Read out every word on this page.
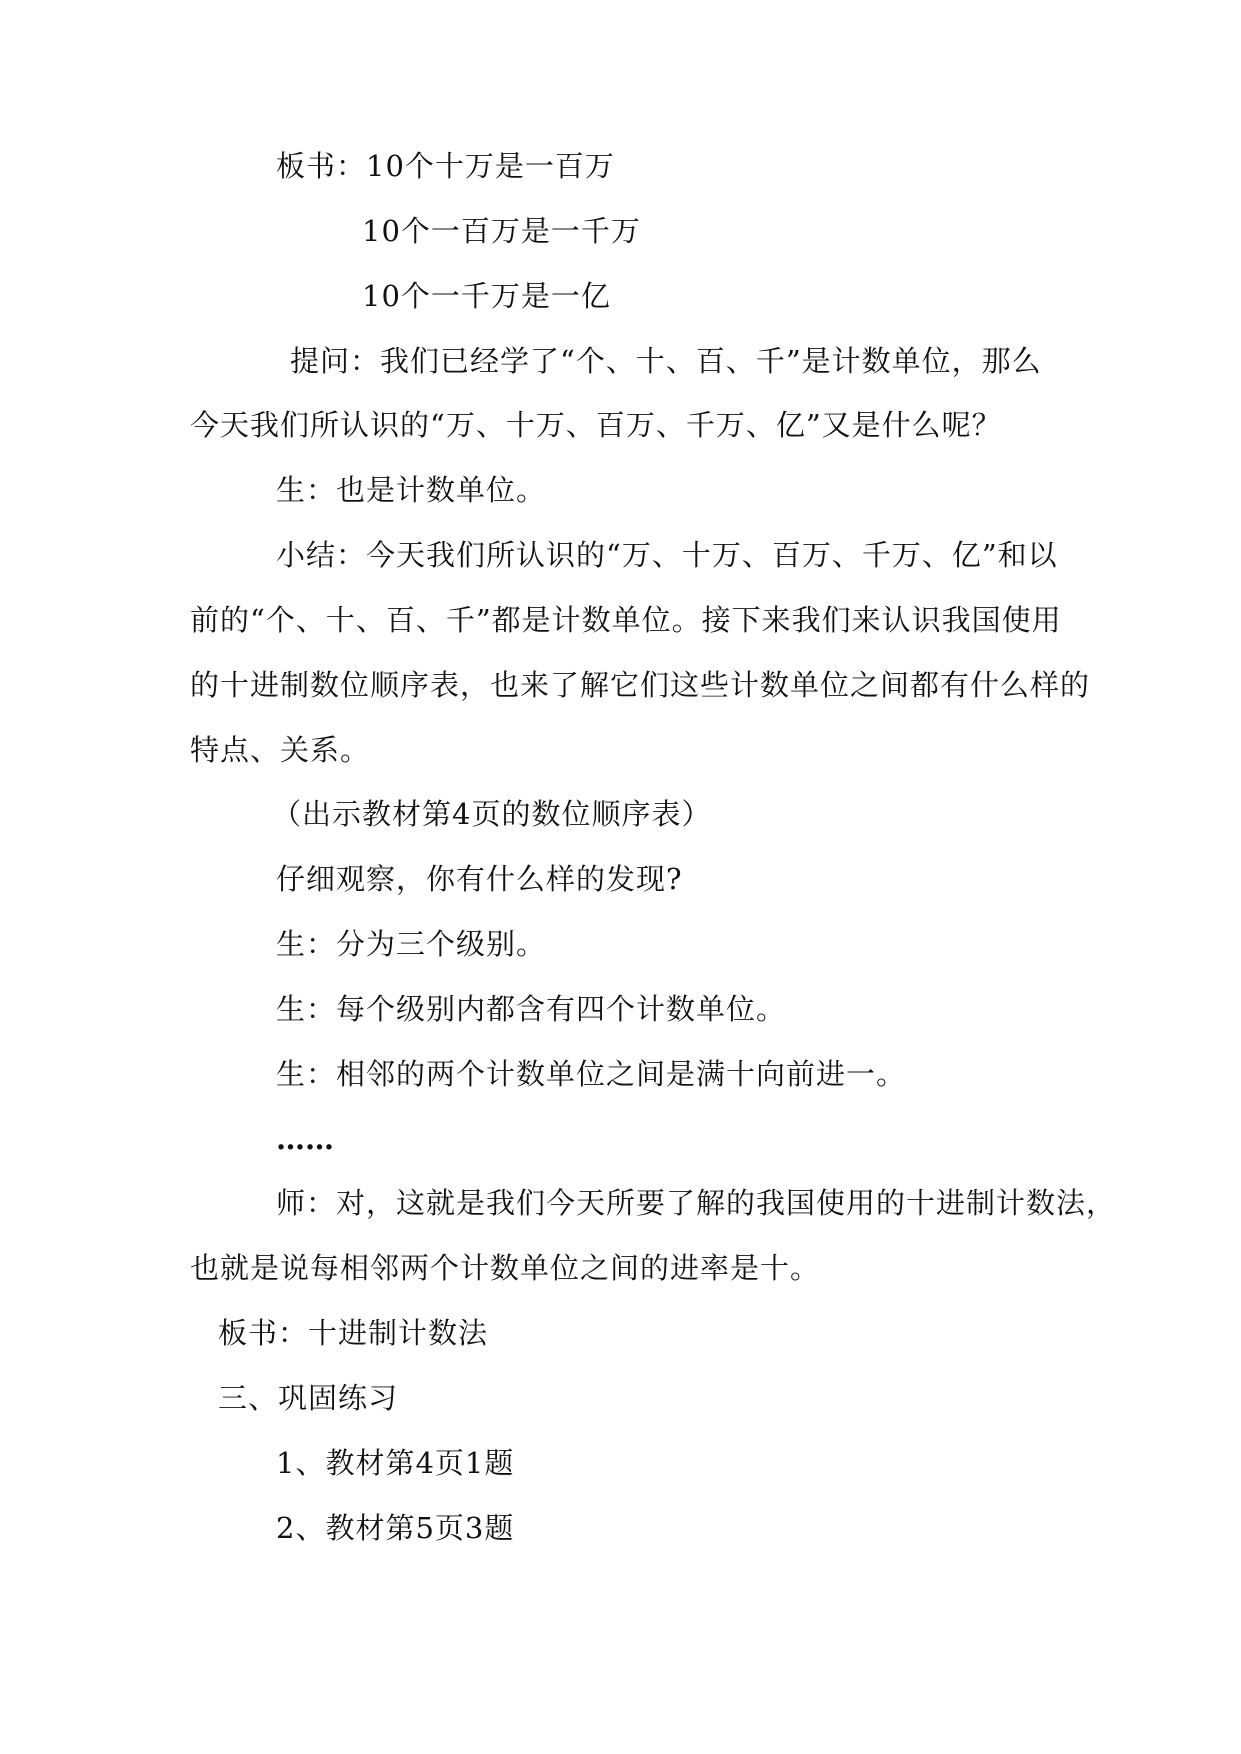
板书：10个十万是一百万
10个一百万是一千万
10个一千万是一亿
提问：我们已经学了“个、十、百、千”是计数单位，那么
今天我们所认识的“万、十万、百万、千万、亿”又是什么呢？
生：也是计数单位。
小结：今天我们所认识的“万、十万、百万、千万、亿”和以
前的“个、十、百、千”都是计数单位。接下来我们来认识我国使用
的十进制数位顺序表，也来了解它们这些计数单位之间都有什么样的
特点、关系。
（出示教材第4页的数位顺序表）
仔细观察，你有什么样的发现?
生：分为三个级别。
生：每个级别内都含有四个计数单位。
生：相邻的两个计数单位之间是满十向前进一。
……
师：对，这就是我们今天所要了解的我国使用的十进制计数法，
也就是说每相邻两个计数单位之间的进率是十。
板书：十进制计数法
三、巩固练习
1、教材第4页1题
2、教材第5页3题
